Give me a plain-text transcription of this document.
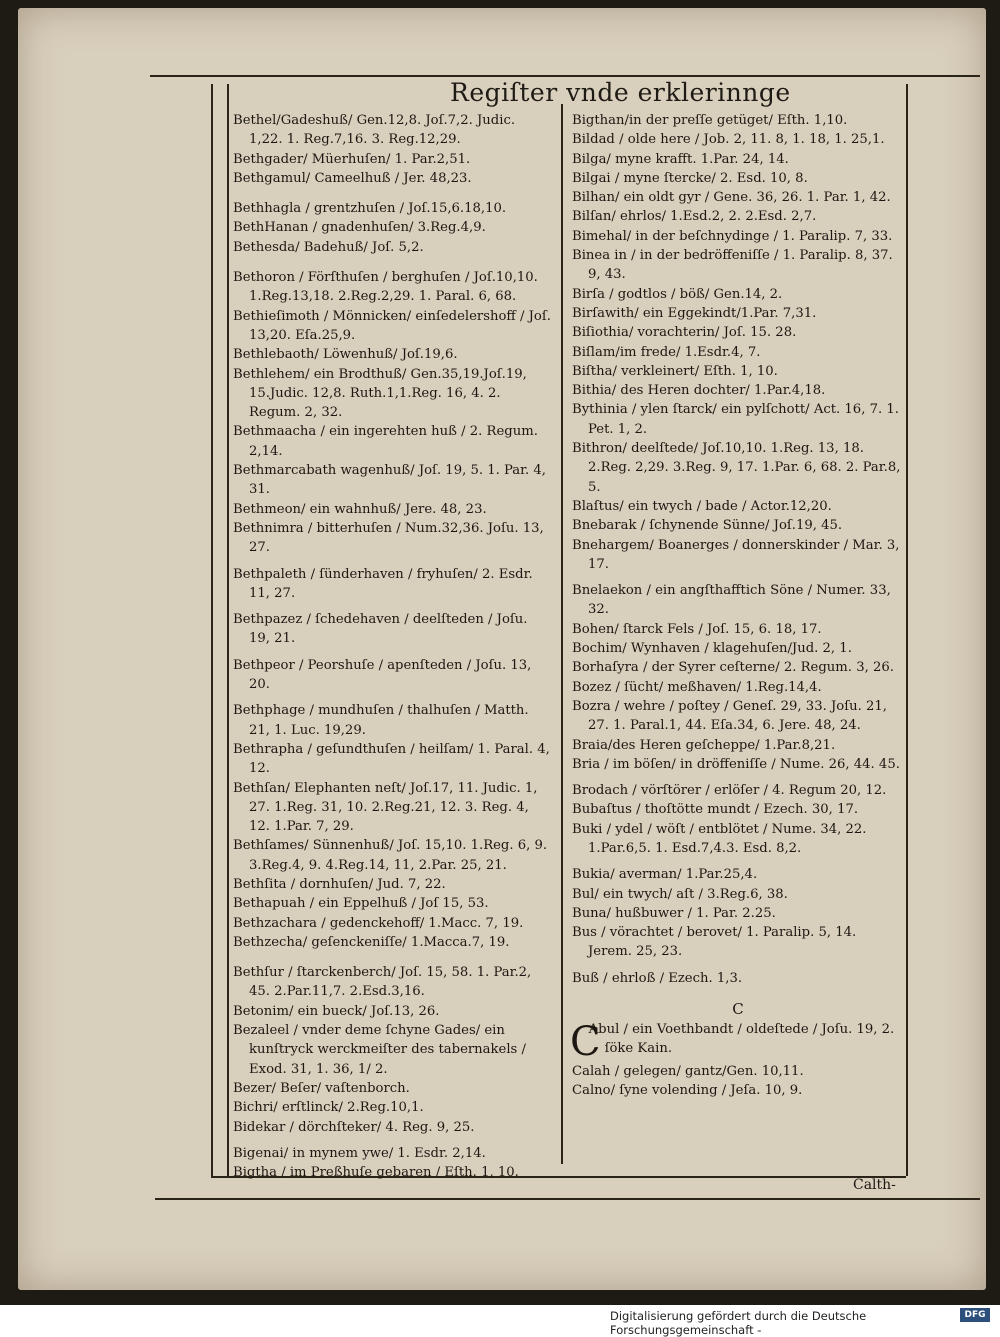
Regiſter vnde erklerinnge

Bethel/Gadeshuß/ Gen.12,8. Joſ.7,2. Judic. 1,22. 1. Reg.7,16. 3. Reg.12,29.

Bethgader/ Müerhuſen/ 1. Par.2,51.

Bethgamul/ Cameelhuß / Jer. 48,23.

Bethhagla / grentzhuſen / Joſ.15,6.18,10.

BethHanan / gnadenhuſen/ 3.Reg.4,9.

Bethesda/ Badehuß/ Joſ. 5,2.

Bethoron / Förſthuſen / berghuſen / Joſ.10,10. 1.Reg.13,18. 2.Reg.2,29. 1. Paral. 6, 68.

Bethieſimoth / Mönnicken/ einſedelershoff / Joſ. 13,20. Eſa.25,9.

Bethlebaoth/ Löwenhuß/ Joſ.19,6.

Bethlehem/ ein Brodthuß/ Gen.35,19.Joſ.19, 15.Judic. 12,8. Ruth.1,1.Reg. 16, 4. 2. Regum. 2, 32.

Bethmaacha / ein ingerehten huß / 2. Regum. 2,14.

Bethmarcabath wagenhuß/ Joſ. 19, 5. 1. Par. 4, 31.

Bethmeon/ ein wahnhuß/ Jere. 48, 23.

Bethnimra / bitterhuſen / Num.32,36. Joſu. 13, 27.

Bethpaleth / ſünderhaven / fryhuſen/ 2. Esdr. 11, 27.

Bethpazez / ſchedehaven / deelſteden / Joſu. 19, 21.

Bethpeor / Peorshuſe / apenſteden / Joſu. 13, 20.

Bethphage / mundhuſen / thalhuſen / Matth. 21, 1. Luc. 19,29.

Bethrapha / geſundthuſen / heilſam/ 1. Paral. 4, 12.

Bethſan/ Elephanten neſt/ Joſ.17, 11. Judic. 1, 27. 1.Reg. 31, 10. 2.Reg.21, 12. 3. Reg. 4, 12. 1.Par. 7, 29.

Bethſames/ Sünnenhuß/ Joſ. 15,10. 1.Reg. 6, 9. 3.Reg.4, 9. 4.Reg.14, 11, 2.Par. 25, 21.

Bethſita / dornhuſen/ Jud. 7, 22.

Bethapuah / ein Eppelhuß / Joſ 15, 53.

Bethzachara / gedenckehoff/ 1.Macc. 7, 19.

Bethzecha/ geſenckeniſſe/ 1.Macca.7, 19.

Bethſur / ſtarckenberch/ Joſ. 15, 58. 1. Par.2, 45. 2.Par.11,7. 2.Esd.3,16.

Betonim/ ein bueck/ Joſ.13, 26.

Bezaleel / vnder deme ſchyne Gades/ ein kunſtryck werckmeiſter des tabernakels / Exod. 31, 1. 36, 1/ 2.

Bezer/ Beſer/ vaſtenborch.

Bichri/ erſtlinck/ 2.Reg.10,1.

Bidekar / dörchſteker/ 4. Reg. 9, 25.

Bigenai/ in mynem ywe/ 1. Esdr. 2,14.

Bigtha / im Preßhuſe gebaren / Eſth. 1, 10.

Bigthan/in der preſſe getüget/ Eſth. 1,10.

Bildad / olde here / Job. 2, 11. 8, 1. 18, 1. 25,1.

Bilga/ myne krafft. 1.Par. 24, 14.

Bilgai / myne ſtercke/ 2. Esd. 10, 8.

Bilhan/ ein oldt gyr / Gene. 36, 26. 1. Par. 1, 42.

Bilſan/ ehrlos/ 1.Esd.2, 2. 2.Esd. 2,7.

Bimehal/ in der beſchnydinge / 1. Paralip. 7, 33.

Binea in / in der bedröffeniſſe / 1. Paralip. 8, 37. 9, 43.

Birſa / godtlos / böß/ Gen.14, 2.

Birſawith/ ein Eggekindt/1.Par. 7,31.

Biſiothia/ vorachterin/ Joſ. 15. 28.

Biſlam/im frede/ 1.Esdr.4, 7.

Biſtha/ verkleinert/ Eſth. 1, 10.

Bithia/ des Heren dochter/ 1.Par.4,18.

Bythinia / ylen ſtarck/ ein pylſchott/ Act. 16, 7. 1. Pet. 1, 2.

Bithron/ deelſtede/ Joſ.10,10. 1.Reg. 13, 18. 2.Reg. 2,29. 3.Reg. 9, 17. 1.Par. 6, 68. 2. Par.8, 5.

Blaſtus/ ein twych / bade / Actor.12,20.

Bnebarak / ſchynende Sünne/ Joſ.19, 45.

Bnehargem/ Boanerges / donnerskinder / Mar. 3, 17.

Bnelaekon / ein angſthafftich Söne / Numer. 33, 32.

Bohen/ ſtarck Fels / Joſ. 15, 6. 18, 17.

Bochim/ Wynhaven / klagehuſen/Jud. 2, 1.

Borhaſyra / der Syrer ceſterne/ 2. Regum. 3, 26.

Bozez / ſücht/ meßhaven/ 1.Reg.14,4.

Bozra / wehre / poſtey / Geneſ. 29, 33. Joſu. 21, 27. 1. Paral.1, 44. Eſa.34, 6. Jere. 48, 24.

Braia/des Heren geſcheppe/ 1.Par.8,21.

Bria / im böſen/ in dröffeniſſe / Nume. 26, 44. 45.

Brodach / vörſtörer / erlöſer / 4. Regum 20, 12.

Bubaſtus / thoſtötte mundt / Ezech. 30, 17.

Buki / ydel / wöſt / entblötet / Nume. 34, 22. 1.Par.6,5. 1. Esd.7,4.3. Esd. 8,2.

Bukia/ averman/ 1.Par.25,4.

Bul/ ein twych/ aſt / 3.Reg.6, 38.

Buna/ hußbuwer / 1. Par. 2.25.

Bus / vörachtet / berovet/ 1. Paralip. 5, 14. Jerem. 25, 23.

Buß / ehrloß / Ezech. 1,3.

C

C
Abul / ein Voethbandt / oldeſtede / Joſu. 19, 2. ſöke Kain.

Calah / gelegen/ gantz/Gen. 10,11.

Calno/ ſyne volending / Jeſa. 10, 9.

Calth-
Digitalisierung gefördert durch die Deutsche Forschungsgemeinschaft -
DFG
